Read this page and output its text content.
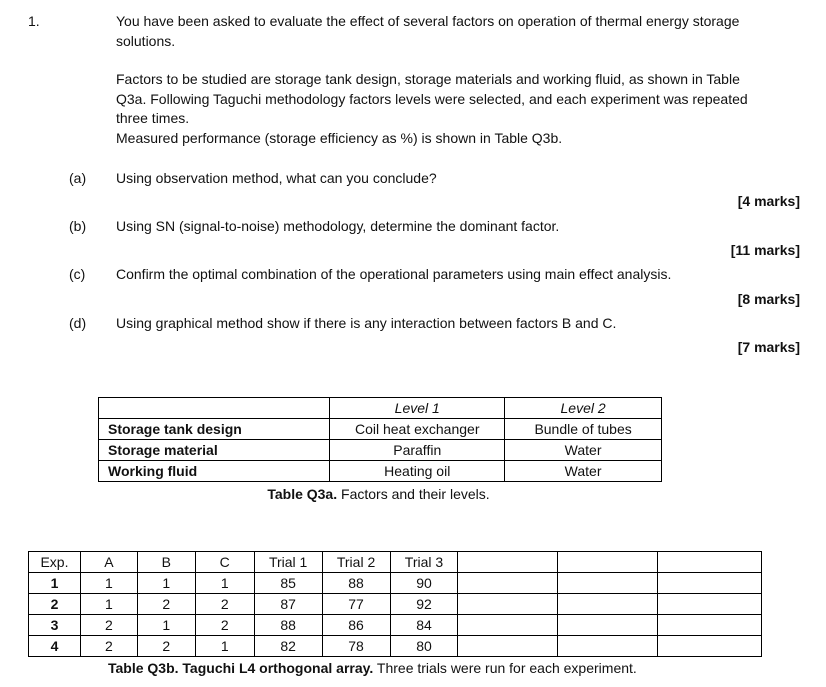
1.	You have been asked to evaluate the effect of several factors on operation of thermal energy storage
solutions.
Factors to be studied are storage tank design, storage materials and working fluid, as shown in Table
Q3a. Following Taguchi methodology factors levels were selected, and each experiment was repeated
three times.
Measured performance (storage efficiency as %) is shown in Table Q3b.
(a) Using observation method, what can you conclude?
[4 marks]
(b) Using SN (signal-to-noise) methodology, determine the dominant factor.
[11 marks]
(c) Confirm the optimal combination of the operational parameters using main effect analysis.
[8 marks]
(d) Using graphical method show if there is any interaction between factors B and C.
[7 marks]
	Level 1	Level 2
Storage tank design	Coil heat exchanger	Bundle of tubes
Storage material	Paraffin	Water
Working fluid	Heating oil	Water
Table Q3a. Factors and their levels.
Exp.	A	B	C	Trial 1	Trial 2	Trial 3			
1	1	1	1	85	88	90			
2	1	2	2	87	77	92			
3	2	1	2	88	86	84			
4	2	2	1	82	78	80			
Table Q3b. Taguchi L4 orthogonal array. Three trials were run for each experiment.
